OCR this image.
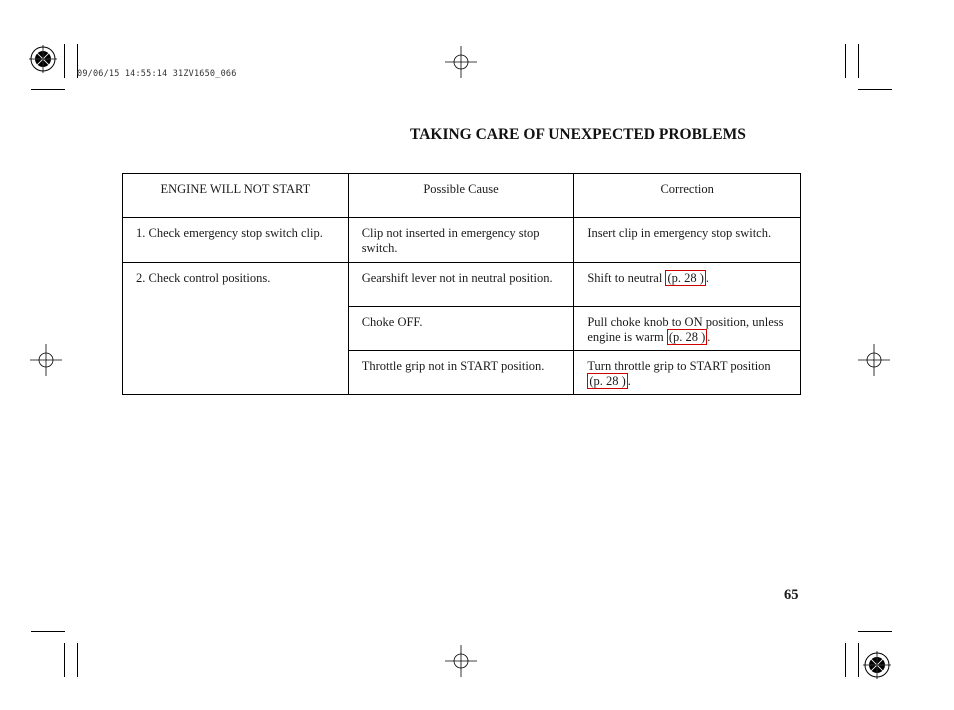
09/06/15 14:55:14 31ZV1650_066
TAKING CARE OF UNEXPECTED PROBLEMS
ENGINE WILL NOT START	Possible Cause	Correction

1. Check emergency stop switch clip.	Clip not inserted in emergency stop switch.	Insert clip in emergency stop switch.

2. Check control positions.	Gearshift lever not in neutral position.	Shift to neutral (p. 28 ) .
	Choke OFF.	Pull choke knob to ON position, unless engine is warm (p. 28 ) .
	Throttle grip not in START position.	Turn throttle grip to START position (p. 28 ) .
65
